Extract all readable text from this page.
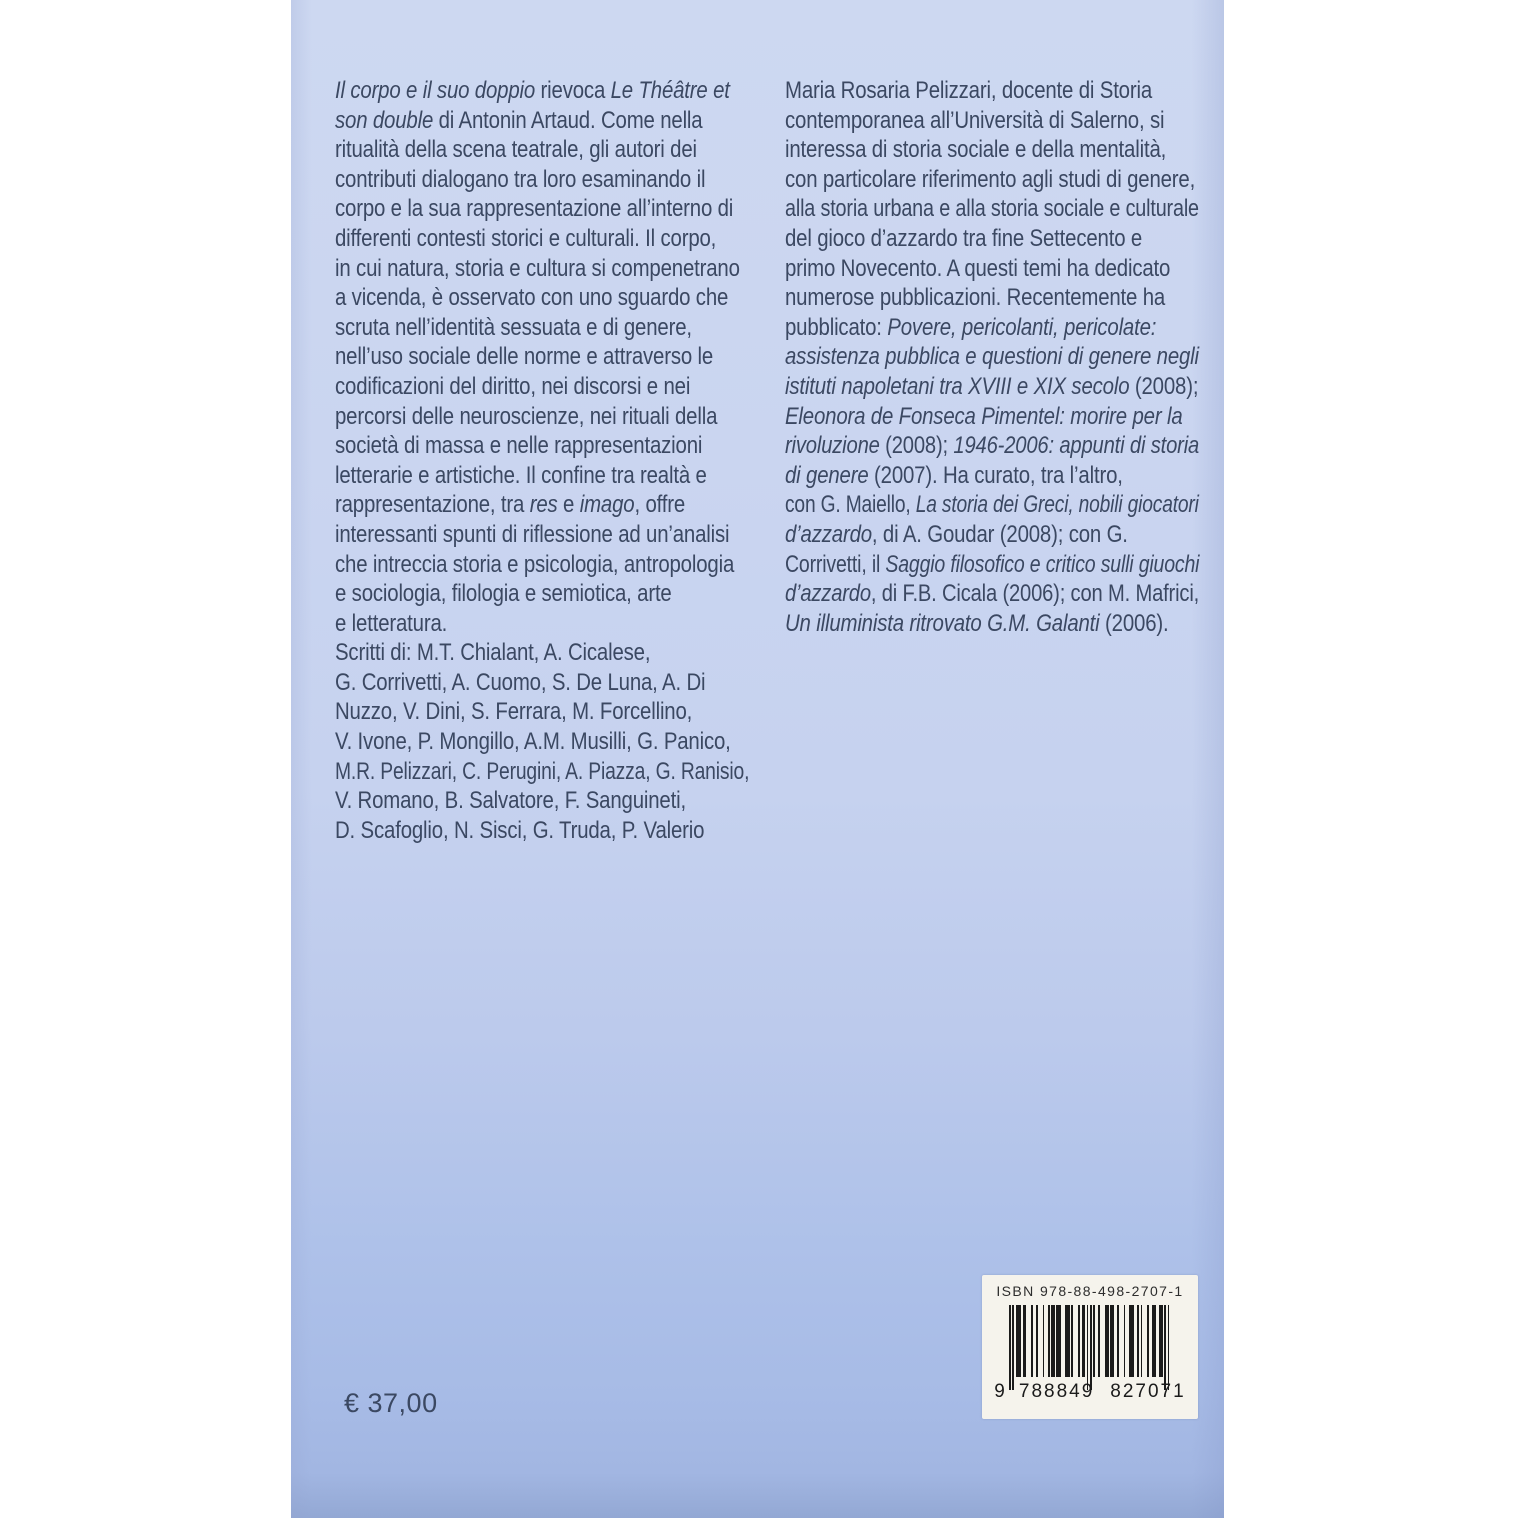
Il corpo e il suo doppio rievoca Le Théâtre et
son double di Antonin Artaud. Come nella
ritualità della scena teatrale, gli autori dei
contributi dialogano tra loro esaminando il
corpo e la sua rappresentazione all’interno di
differenti contesti storici e culturali. Il corpo,
in cui natura, storia e cultura si compenetrano
a vicenda, è osservato con uno sguardo che
scruta nell’identità sessuata e di genere,
nell’uso sociale delle norme e attraverso le
codificazioni del diritto, nei discorsi e nei
percorsi delle neuroscienze, nei rituali della
società di massa e nelle rappresentazioni
letterarie e artistiche. Il confine tra realtà e
rappresentazione, tra res e imago, offre
interessanti spunti di riflessione ad un’analisi
che intreccia storia e psicologia, antropologia
e sociologia, filologia e semiotica, arte
e letteratura.
Scritti di: M.T. Chialant, A. Cicalese,
G. Corrivetti, A. Cuomo, S. De Luna, A. Di
Nuzzo, V. Dini, S. Ferrara, M. Forcellino,
V. Ivone, P. Mongillo, A.M. Musilli, G. Panico,
M.R. Pelizzari, C. Perugini, A. Piazza, G. Ranisio,
V. Romano, B. Salvatore, F. Sanguineti,
D. Scafoglio, N. Sisci, G. Truda, P. Valerio
Maria Rosaria Pelizzari, docente di Storia
contemporanea all’Università di Salerno, si
interessa di storia sociale e della mentalità,
con particolare riferimento agli studi di genere,
alla storia urbana e alla storia sociale e culturale
del gioco d’azzardo tra fine Settecento e
primo Novecento. A questi temi ha dedicato
numerose pubblicazioni. Recentemente ha
pubblicato: Povere, pericolanti, pericolate:
assistenza pubblica e questioni di genere negli
istituti napoletani tra XVIII e XIX secolo (2008);
Eleonora de Fonseca Pimentel: morire per la
rivoluzione (2008); 1946-2006: appunti di storia
di genere (2007). Ha curato, tra l’altro,
con G. Maiello, La storia dei Greci, nobili giocatori
d’azzardo, di A. Goudar (2008); con G.
Corrivetti, il Saggio filosofico e critico sulli giuochi
d’azzardo, di F.B. Cicala (2006); con M. Mafrici,
Un illuminista ritrovato G.M. Galanti (2006).
€ 37,00
ISBN 978-88-498-2707-1
9 788849 827071
